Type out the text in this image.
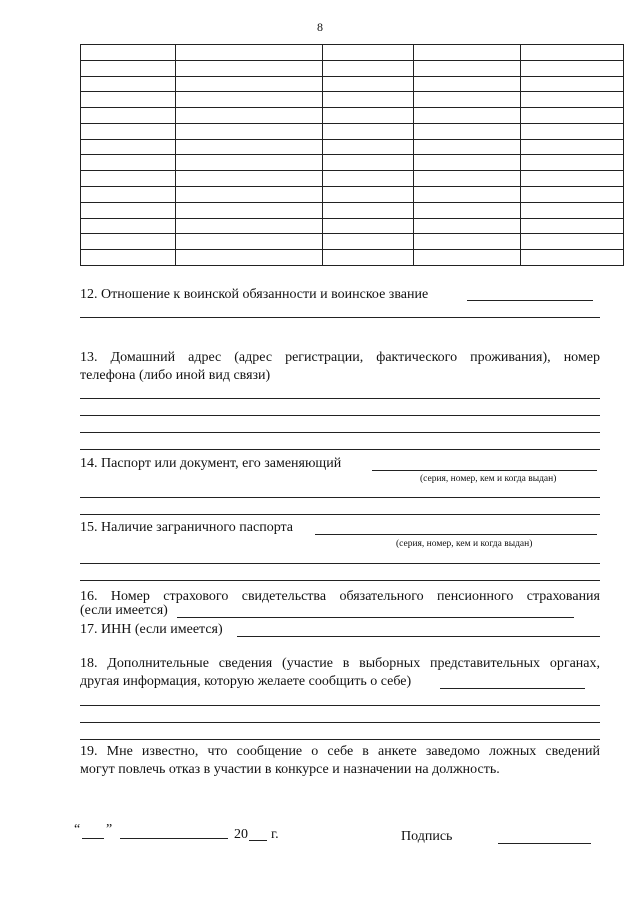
8

12. Отношение к воинской обязанности и воинское звание
13. Домашний адрес (адрес регистрации, фактического проживания), номер
телефона (либо иной вид связи)
14. Паспорт или документ, его заменяющий
(серия, номер, кем и когда выдан)
15. Наличие заграничного паспорта
(серия, номер, кем и когда выдан)
16. Номер страхового свидетельства обязательного пенсионного страхования
(если имеется)
17. ИНН (если имеется)
18. Дополнительные сведения (участие в выборных представительных органах,
другая информация, которую желаете сообщить о себе)
19. Мне известно, что сообщение о себе в анкете заведомо ложных сведений
могут повлечь отказ в участии в конкурсе и назначении на должность.
“ ”	20 г.	Подпись
